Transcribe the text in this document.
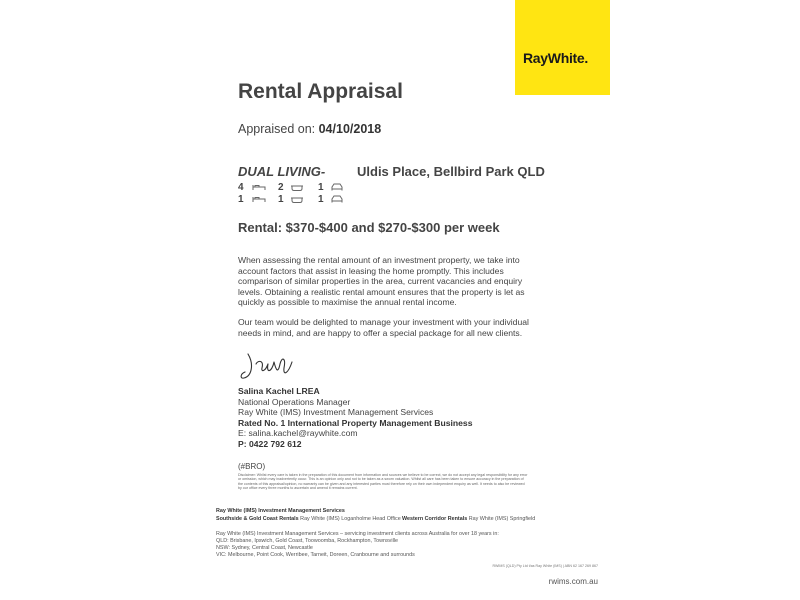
RayWhite.
Rental Appraisal
Appraised on: 04/10/2018
DUAL LIVING- Uldis Place, Bellbird Park QLD
4	2	1
1	1	1
Rental: $370-$400 and $270-$300 per week

When assessing the rental amount of an investment property, we take into account factors that assist in leasing the home promptly. This includes comparison of similar properties in the area, current vacancies and enquiry levels. Obtaining a realistic rental amount ensures that the property is let as quickly as possible to maximise the annual rental income.

Our team would be delighted to manage your investment with your individual needs in mind, and are happy to offer a special package for all new clients.

Salina Kachel LREA
National Operations Manager
Ray White (IMS) Investment Management Services
Rated No. 1 International Property Management Business
E: salina.kachel@raywhite.com
P: 0422 792 612
(#BRO)

Disclaimer: Whilst every care is taken in the preparation of this document from information and sources we believe to be correct, we do not accept any legal responsibility for any error or omission, which may inadvertently occur. This is an opinion only and not to be taken as a sworn valuation. Whilst all care has been taken to ensure accuracy in the preparation of the contents of this appraisal/opinion, no warranty can be given and any interested parties must therefore rely on their own independent enquiry as well. It needs to also be reviewed by our office every three months to ascertain and amend it remains current.

Ray White (IMS) Investment Management Services
Southside & Gold Coast Rentals Ray White (IMS) Loganholme Head Office Western Corridor Rentals Ray White (IMS) Springfield
Ray White (IMS) Investment Management Services – servicing investment clients across Australia for over 18 years in:
QLD: Brisbane, Ipswich, Gold Coast, Toowoomba, Rockhampton, Townsville
NSW: Sydney, Central Coast, Newcastle
VIC: Melbourne, Point Cook, Werribee, Tarneit, Doreen, Cranbourne and surrounds
RWIMS (QLD) Pty Ltd t/as Ray White (IMS) | ABN 62 167 269 867
rwims.com.au
